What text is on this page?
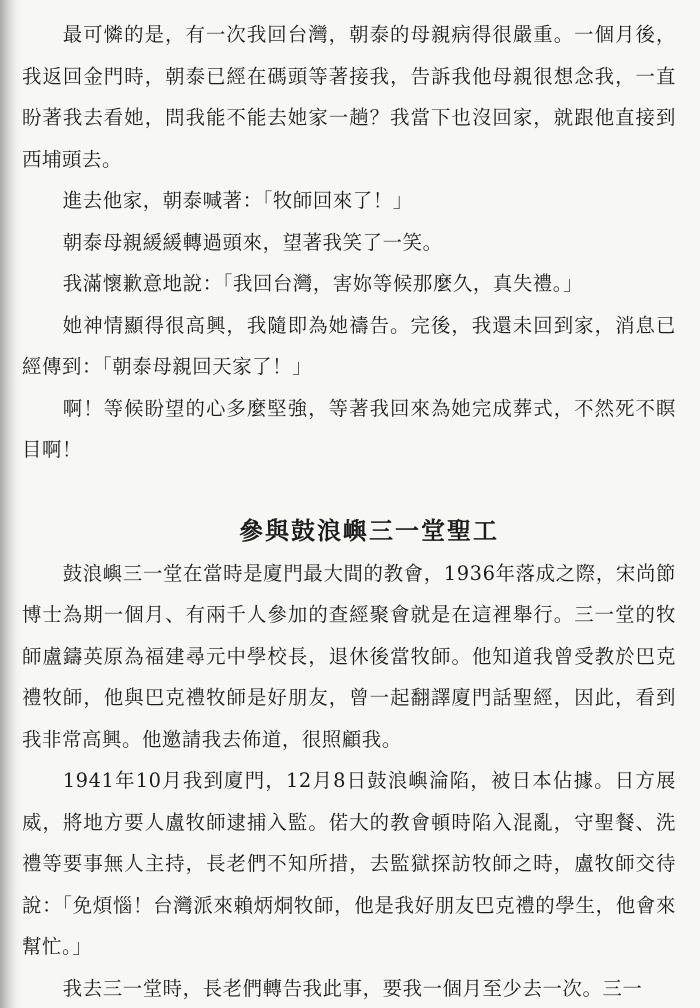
最可憐的是，有一次我回台灣，朝泰的母親病得很嚴重。一個月後，我返回金門時，朝泰已經在碼頭等著接我，告訴我他母親很想念我，一直盼著我去看她，問我能不能去她家一趟？我當下也沒回家，就跟他直接到西埔頭去。

進去他家，朝泰喊著：「牧師回來了！」

朝泰母親緩緩轉過頭來，望著我笑了一笑。

我滿懷歉意地說：「我回台灣，害妳等候那麼久，真失禮。」

她神情顯得很高興，我隨即為她禱告。完後，我還未回到家，消息已經傳到：「朝泰母親回天家了！」

啊！等候盼望的心多麼堅強，等著我回來為她完成葬式，不然死不瞑目啊！

參與鼓浪嶼三一堂聖工

鼓浪嶼三一堂在當時是廈門最大間的教會，1936年落成之際，宋尚節博士為期一個月、有兩千人參加的查經聚會就是在這裡舉行。三一堂的牧師盧鑄英原為福建尋元中學校長，退休後當牧師。他知道我曾受教於巴克禮牧師，他與巴克禮牧師是好朋友，曾一起翻譯廈門話聖經，因此，看到我非常高興。他邀請我去佈道，很照顧我。

1941年10月我到廈門，12月8日鼓浪嶼淪陷，被日本佔據。日方展威，將地方要人盧牧師逮捕入監。偌大的教會頓時陷入混亂，守聖餐、洗禮等要事無人主持，長老們不知所措，去監獄探訪牧師之時，盧牧師交待說：「免煩惱！台灣派來賴炳烔牧師，他是我好朋友巴克禮的學生，他會來幫忙。」

我去三一堂時，長老們轉告我此事，要我一個月至少去一次。三一
